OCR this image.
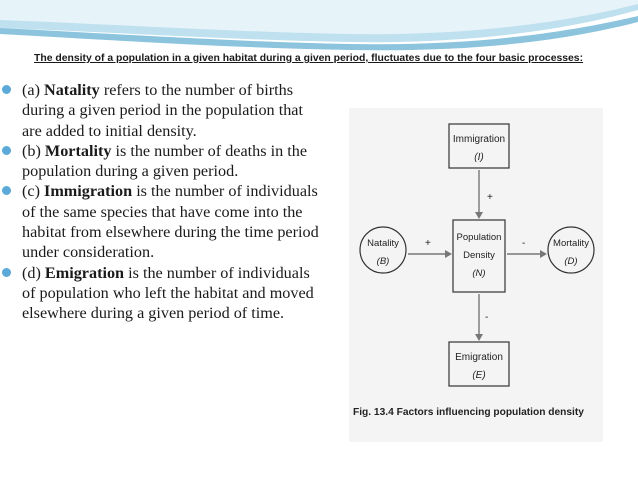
The density of a population in a given habitat during a given period, fluctuates due to the four basic processes:
(a) Natality refers to the number of births during a given period in the population that are added to initial density.
(b) Mortality is the number of deaths in the population during a given period.
(c) Immigration is the number of individuals of the same species that have come into the habitat from elsewhere during the time period under consideration.
(d) Emigration is the number of individuals of population who left the habitat and moved elsewhere during a given period of time.
Immigration
(I)
Population
Density
(N)
Emigration
(E)
Natality
(B)
Mortality
(D)
+
+	-
-
Fig. 13.4 Factors influencing population density
